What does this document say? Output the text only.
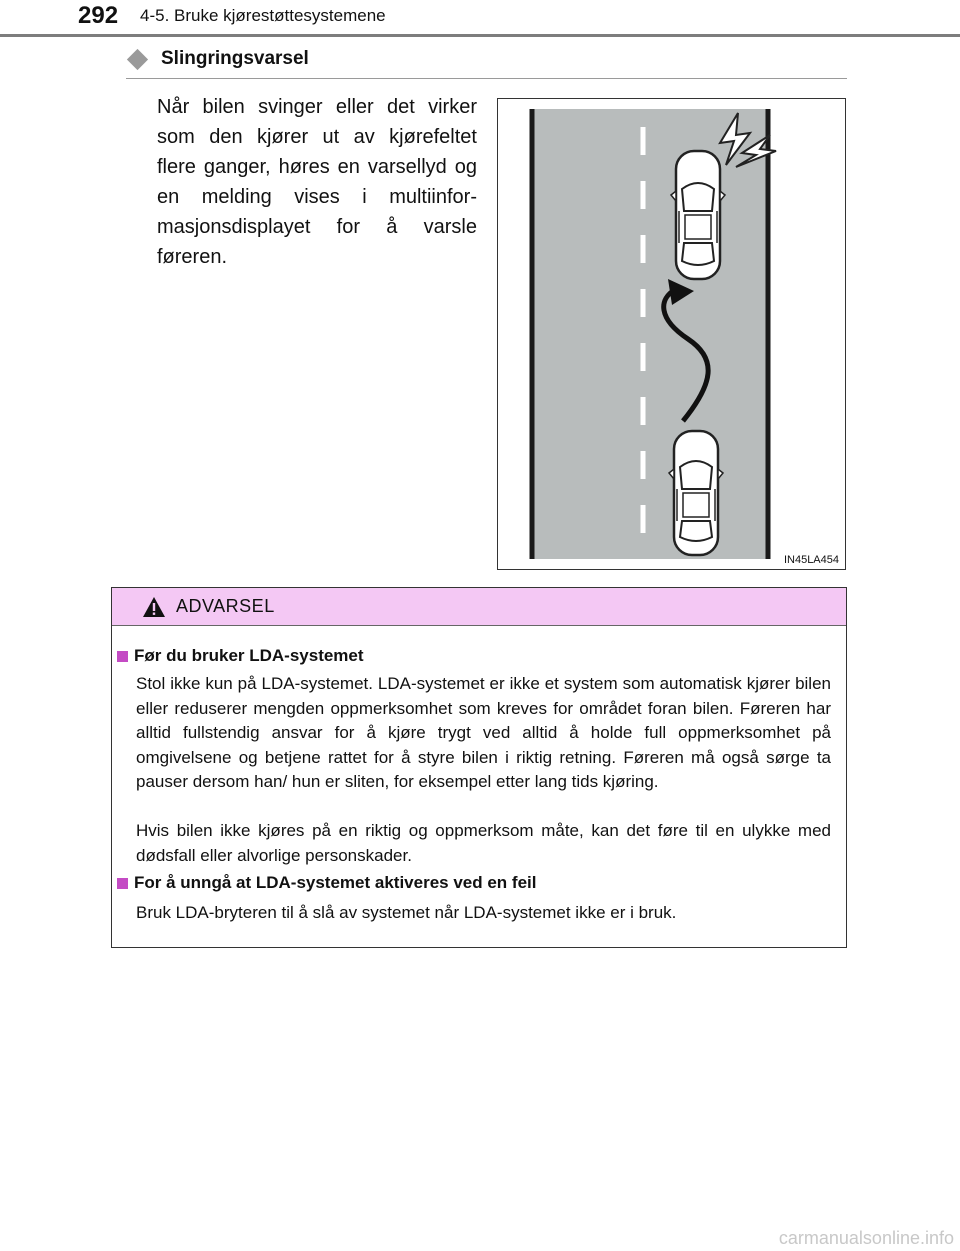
292 4-5. Bruke kjørestøttesystemene
Slingringsvarsel
Når bilen svinger eller det virker som den kjører ut av kjørefeltet flere ganger, høres en varsellyd og en melding vises i multiinformasjonsdisplayet for å varsle føreren.
IN45LA454
ADVARSEL
Før du bruker LDA-systemet
Stol ikke kun på LDA-systemet. LDA-systemet er ikke et system som automatisk kjører bilen eller reduserer mengden oppmerksomhet som kreves for området foran bilen. Føreren har alltid fullstendig ansvar for å kjøre trygt ved alltid å holde full oppmerksomhet på omgivelsene og betjene rattet for å styre bilen i riktig retning. Føreren må også sørge ta pauser dersom han/ hun er sliten, for eksempel etter lang tids kjøring.
Hvis bilen ikke kjøres på en riktig og oppmerksom måte, kan det føre til en ulykke med dødsfall eller alvorlige personskader.
For å unngå at LDA-systemet aktiveres ved en feil
Bruk LDA-bryteren til å slå av systemet når LDA-systemet ikke er i bruk.
carmanualsonline.info
